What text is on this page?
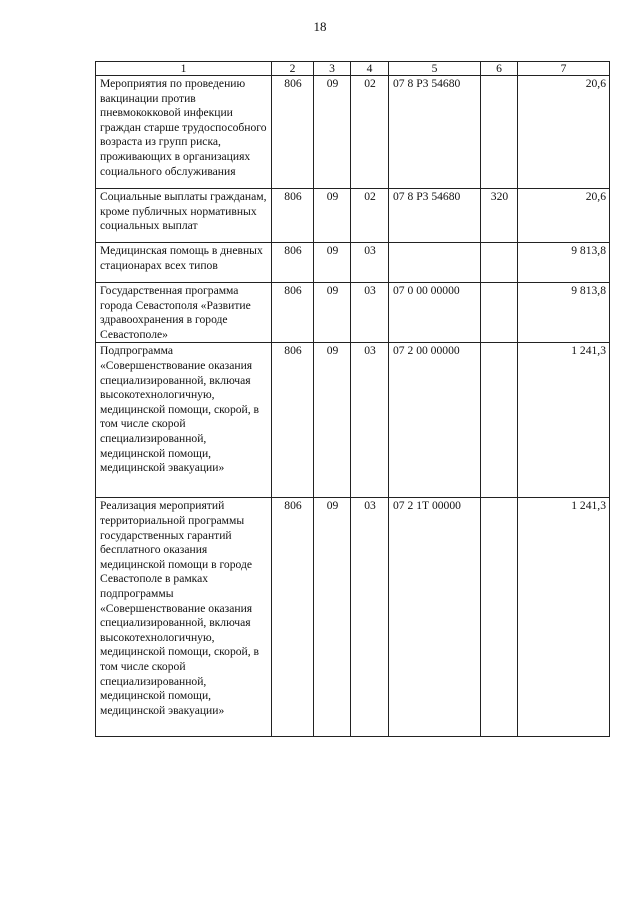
18
1	2	3	4	5	6	7
Мероприятия по проведению вакцинации против пневмококковой инфекции граждан старше трудоспособного возраста из групп риска, проживающих в организациях социального обслуживания	806	09	02	07 8 Р3 54680		20,6
Социальные выплаты гражданам, кроме публичных нормативных социальных выплат	806	09	02	07 8 Р3 54680	320	20,6
Медицинская помощь в дневных стационарах всех типов	806	09	03			9 813,8
Государственная программа города Севастополя «Развитие здравоохранения в городе Севастополе»	806	09	03	07 0 00 00000		9 813,8
Подпрограмма «Совершенствование оказания специализированной, включая высокотехнологичную, медицинской помощи, скорой, в том числе скорой специализированной, медицинской помощи, медицинской эвакуации»	806	09	03	07 2 00 00000		1 241,3
Реализация мероприятий территориальной программы государственных гарантий бесплатного оказания медицинской помощи в городе Севастополе в рамках подпрограммы «Совершенствование оказания специализированной, включая высокотехнологичную, медицинской помощи, скорой, в том числе скорой специализированной, медицинской помощи, медицинской эвакуации»	806	09	03	07 2 1Т 00000		1 241,3
